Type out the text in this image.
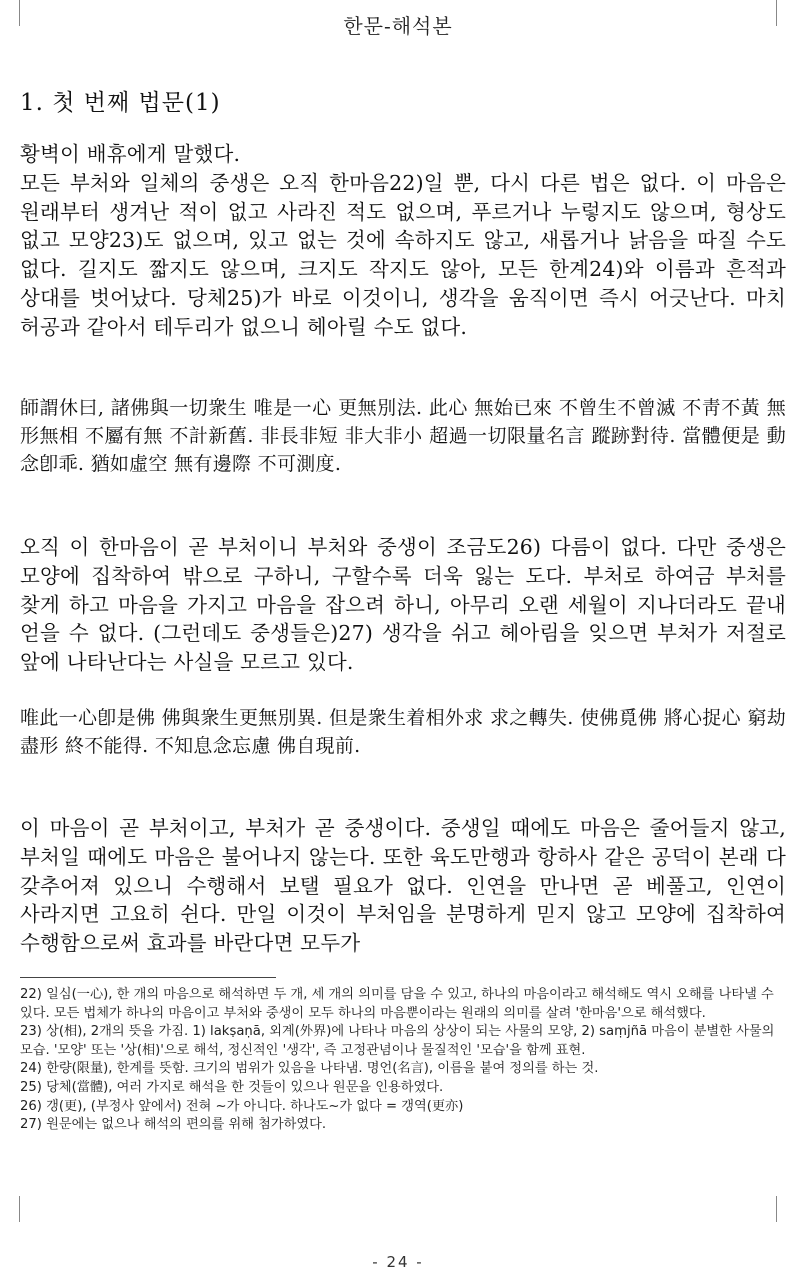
한문-해석본
1. 첫 번째 법문(1)

황벽이 배휴에게 말했다.
모든 부처와 일체의 중생은 오직 한마음22)일 뿐, 다시 다른 법은 없다. 이 마음은 원래부터 생겨난 적이 없고 사라진 적도 없으며, 푸르거나 누렇지도 않으며, 형상도 없고 모양23)도 없으며, 있고 없는 것에 속하지도 않고, 새롭거나 낡음을 따질 수도 없다. 길지도 짧지도 않으며, 크지도 작지도 않아, 모든 한계24)와 이름과 흔적과 상대를 벗어났다. 당체25)가 바로 이것이니, 생각을 움직이면 즉시 어긋난다. 마치 허공과 같아서 테두리가 없으니 헤아릴 수도 없다.

師謂休曰, 諸佛與一切衆生 唯是一心 更無別法. 此心 無始已來 不曾生不曾滅 不靑不黃 無形無相 不屬有無 不計新舊. 非長非短 非大非小 超過一切限量名言 蹤跡對待. 當體便是 動念卽乖. 猶如虛空 無有邊際 不可測度.

오직 이 한마음이 곧 부처이니 부처와 중생이 조금도26) 다름이 없다. 다만 중생은 모양에 집착하여 밖으로 구하니, 구할수록 더욱 잃는 도다. 부처로 하여금 부처를 찾게 하고 마음을 가지고 마음을 잡으려 하니, 아무리 오랜 세월이 지나더라도 끝내 얻을 수 없다. (그런데도 중생들은)27) 생각을 쉬고 헤아림을 잊으면 부처가 저절로 앞에 나타난다는 사실을 모르고 있다.

唯此一心卽是佛 佛與衆生更無別異. 但是衆生着相外求 求之轉失. 使佛覓佛 將心捉心 窮劫盡形 終不能得. 不知息念忘慮 佛自現前.

이 마음이 곧 부처이고, 부처가 곧 중생이다. 중생일 때에도 마음은 줄어들지 않고, 부처일 때에도 마음은 불어나지 않는다. 또한 육도만행과 항하사 같은 공덕이 본래 다 갖추어져 있으니 수행해서 보탤 필요가 없다. 인연을 만나면 곧 베풀고, 인연이 사라지면 고요히 쉰다. 만일 이것이 부처임을 분명하게 믿지 않고 모양에 집착하여 수행함으로써 효과를 바란다면 모두가

22) 일심(一心), 한 개의 마음으로 해석하면 두 개, 세 개의 의미를 담을 수 있고, 하나의 마음이라고 해석해도 역시 오해를 나타낼 수 있다. 모든 법체가 하나의 마음이고 부처와 중생이 모두 하나의 마음뿐이라는 원래의 의미를 살려 '한마음'으로 해석했다.
23) 상(相), 2개의 뜻을 가짐. 1) lakṣaṇā, 외계(外界)에 나타나 마음의 상상이 되는 사물의 모양, 2) saṃjñā 마음이 분별한 사물의 모습. '모양' 또는 '상(相)'으로 해석, 정신적인 '생각', 즉 고정관념이나 물질적인 '모습'을 함께 표현.
24) 한량(限量), 한계를 뜻함. 크기의 범위가 있음을 나타냄. 명언(名言), 이름을 붙여 정의를 하는 것.
25) 당체(當體), 여러 가지로 해석을 한 것들이 있으나 원문을 인용하였다.
26) 갱(更), (부정사 앞에서) 전혀 ~가 아니다. 하나도~가 없다 = 갱역(更亦)
27) 원문에는 없으나 해석의 편의를 위해 첨가하였다.
- 24 -
